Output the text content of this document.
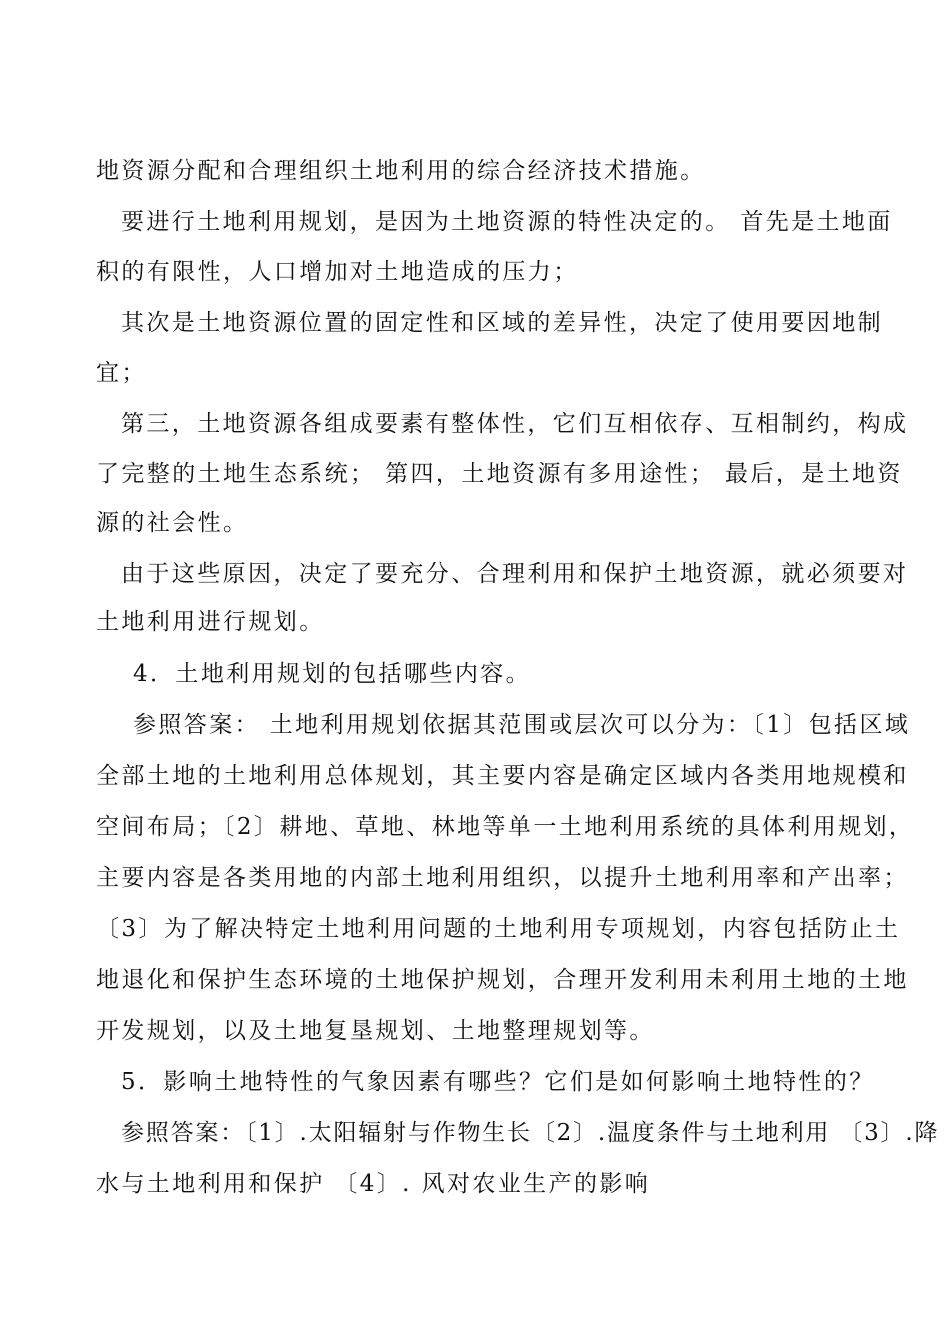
地资源分配和合理组织土地利用的综合经济技术措施。
要进行土地利用规划，是因为土地资源的特性决定的。 首先是土地面
积的有限性，人口增加对土地造成的压力；
其次是土地资源位置的固定性和区域的差异性，决定了使用要因地制
宜；
第三，土地资源各组成要素有整体性，它们互相依存、互相制约，构成
了完整的土地生态系统； 第四，土地资源有多用途性； 最后，是土地资
源的社会性。
由于这些原因，决定了要充分、合理利用和保护土地资源，就必须要对
土地利用进行规划。
4．土地利用规划的包括哪些内容。
参照答案： 土地利用规划依据其范围或层次可以分为：〔1〕包括区域
全部土地的土地利用总体规划，其主要内容是确定区域内各类用地规模和
空间布局；〔2〕耕地、草地、林地等单一土地利用系统的具体利用规划，
主要内容是各类用地的内部土地利用组织，以提升土地利用率和产出率；
〔3〕为了解决特定土地利用问题的土地利用专项规划，内容包括防止土
地退化和保护生态环境的土地保护规划，合理开发利用未利用土地的土地
开发规划，以及土地复垦规划、土地整理规划等。
5．影响土地特性的气象因素有哪些？它们是如何影响土地特性的？
参照答案：〔1〕.太阳辐射与作物生长〔2〕.温度条件与土地利用 〔3〕.降
水与土地利用和保护 〔4〕. 风对农业生产的影响
